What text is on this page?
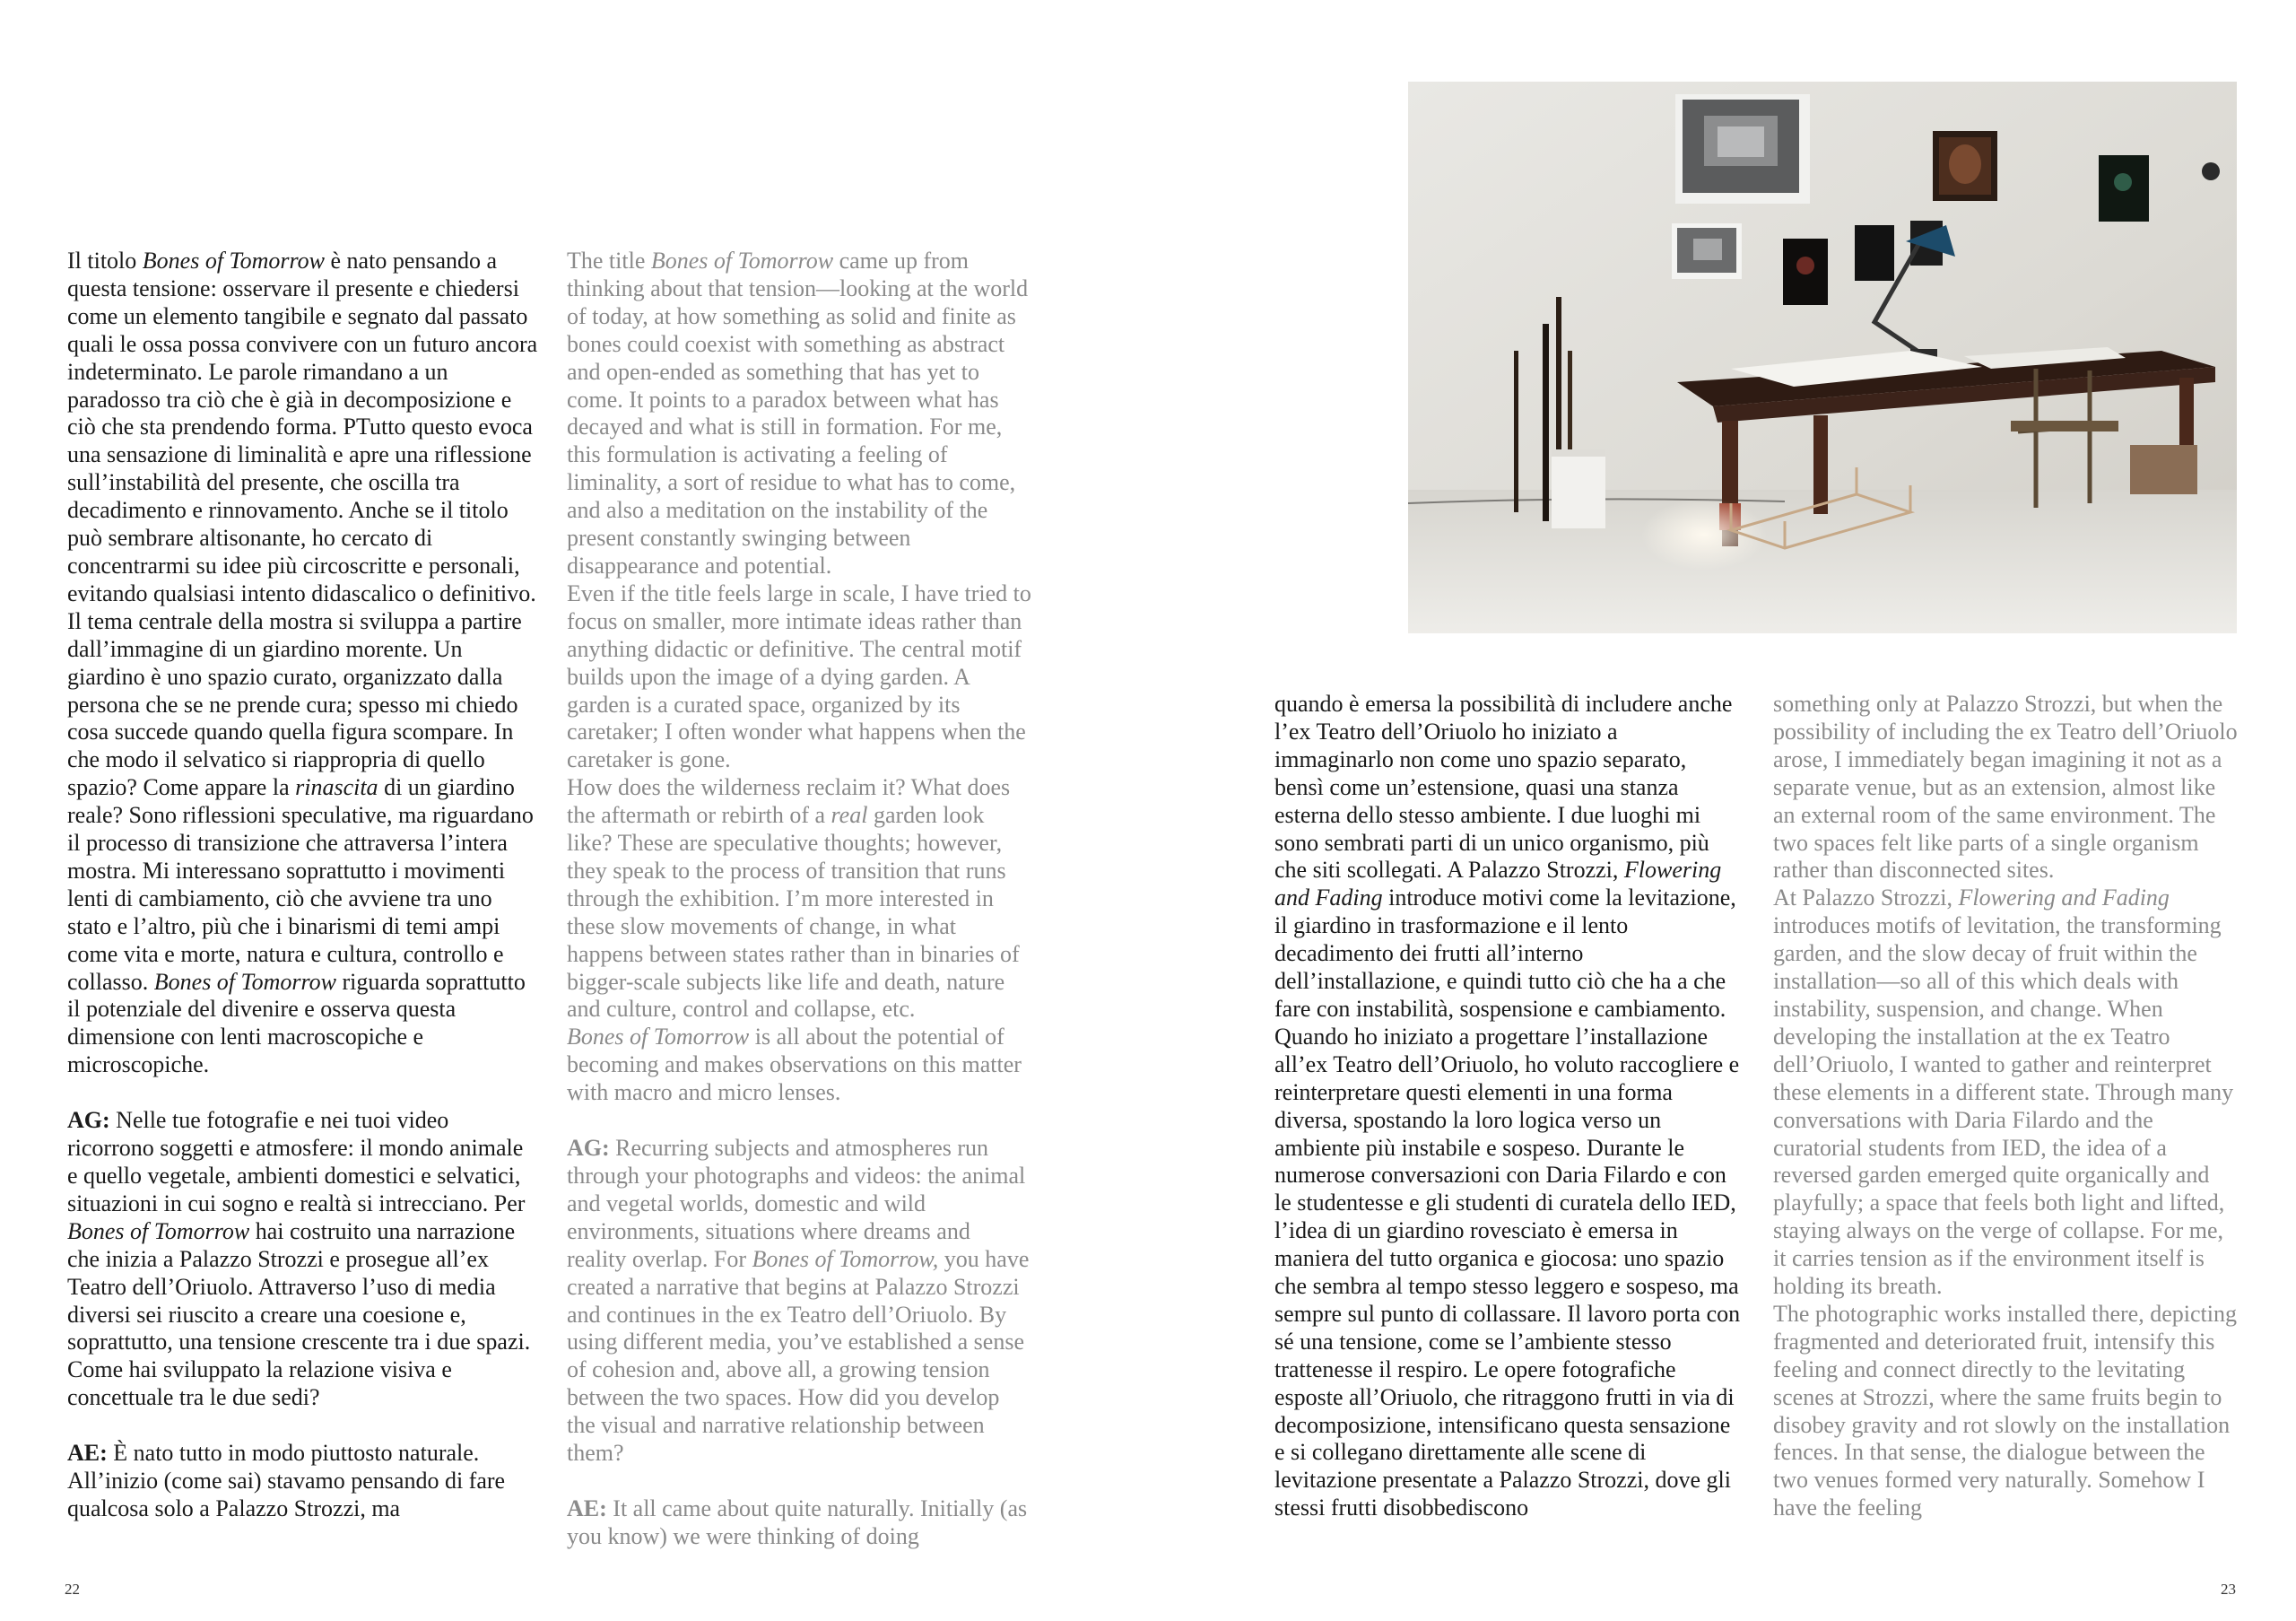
Il titolo Bones of Tomorrow è nato pensando a questa tensione: osservare il presente e chiedersi come un elemento tangibile e segnato dal passato quali le ossa possa convivere con un futuro ancora indeterminato. Le parole rimandano a un paradosso tra ciò che è già in decomposizione e ciò che sta prendendo forma. PTutto questo evoca una sensazione di liminalità e apre una riflessione sull’instabilità del presente, che oscilla tra decadimento e rinnovamento. Anche se il titolo può sembrare altisonante, ho cercato di concentrarmi su idee più circoscritte e personali, evitando qualsiasi intento didascalico o definitivo. Il tema centrale della mostra si sviluppa a partire dall’immagine di un giardino morente. Un giardino è uno spazio curato, organizzato dalla persona che se ne prende cura; spesso mi chiedo cosa succede quando quella figura scompare. In che modo il selvatico si riappropria di quello spazio? Come appare la rinascita di un giardino reale? Sono riflessioni speculative, ma riguardano il processo di transizione che attraversa l’intera mostra. Mi interessano soprattutto i movimenti lenti di cambiamento, ciò che avviene tra uno stato e l’altro, più che i binarismi di temi ampi come vita e morte, natura e cultura, controllo e collasso. Bones of Tomorrow riguarda soprattutto il potenziale del divenire e osserva questa dimensione con lenti macroscopiche e microscopiche.

AG: Nelle tue fotografie e nei tuoi video ricorrono soggetti e atmosfere: il mondo animale e quello vegetale, ambienti domestici e selvatici, situazioni in cui sogno e realtà si intrecciano. Per Bones of Tomorrow hai costruito una narrazione che inizia a Palazzo Strozzi e prosegue all’ex Teatro dell’Oriuolo. Attraverso l’uso di media diversi sei riuscito a creare una coesione e, soprattutto, una tensione crescente tra i due spazi. Come hai sviluppato la relazione visiva e concettuale tra le due sedi?

AE: È nato tutto in modo piuttosto naturale. All’inizio (come sai) stavamo pensando di fare qualcosa solo a Palazzo Strozzi, ma

The title Bones of Tomorrow came up from thinking about that tension—looking at the world of today, at how something as solid and finite as bones could coexist with something as abstract and open-ended as something that has yet to come. It points to a paradox between what has decayed and what is still in formation. For me, this formulation is activating a feeling of liminality, a sort of residue to what has to come, and also a meditation on the instability of the present constantly swinging between disappearance and potential.

Even if the title feels large in scale, I have tried to focus on smaller, more intimate ideas rather than anything didactic or definitive. The central motif builds upon the image of a dying garden. A garden is a curated space, organized by its caretaker; I often wonder what happens when the caretaker is gone.

How does the wilderness reclaim it? What does the aftermath or rebirth of a real garden look like? These are speculative thoughts; however, they speak to the process of transition that runs through the exhibition. I’m more interested in these slow movements of change, in what happens between states rather than in binaries of bigger-scale subjects like life and death, nature and culture, control and collapse, etc.

Bones of Tomorrow is all about the potential of becoming and makes observations on this matter with macro and micro lenses.

AG: Recurring subjects and atmospheres run through your photographs and videos: the animal and vegetal worlds, domestic and wild environments, situations where dreams and reality overlap. For Bones of Tomorrow, you have created a narrative that begins at Palazzo Strozzi and continues in the ex Teatro dell’Oriuolo. By using different media, you’ve established a sense of cohesion and, above all, a growing tension between the two spaces. How did you develop the visual and narrative relationship between them?

AE: It all came about quite naturally. Initially (as you know) we were thinking of doing

22

quando è emersa la possibilità di includere anche l’ex Teatro dell’Oriuolo ho iniziato a immaginarlo non come uno spazio separato, bensì come un’estensione, quasi una stanza esterna dello stesso ambiente. I due luoghi mi sono sembrati parti di un unico organismo, più che siti scollegati. A Palazzo Strozzi, Flowering and Fading introduce motivi come la levitazione, il giardino in trasformazione e il lento decadimento dei frutti all’interno dell’installazione, e quindi tutto ciò che ha a che fare con instabilità, sospensione e cambiamento. Quando ho iniziato a progettare l’installazione all’ex Teatro dell’Oriuolo, ho voluto raccogliere e reinterpretare questi elementi in una forma diversa, spostando la loro logica verso un ambiente più instabile e sospeso. Durante le numerose conversazioni con Daria Filardo e con le studentesse e gli studenti di curatela dello IED, l’idea di un giardino rovesciato è emersa in maniera del tutto organica e giocosa: uno spazio che sembra al tempo stesso leggero e sospeso, ma sempre sul punto di collassare. Il lavoro porta con sé una tensione, come se l’ambiente stesso trattenesse il respiro. Le opere fotografiche esposte all’Oriuolo, che ritraggono frutti in via di decomposizione, intensificano questa sensazione e si collegano direttamente alle scene di levitazione presentate a Palazzo Strozzi, dove gli stessi frutti disobbediscono

something only at Palazzo Strozzi, but when the possibility of including the ex Teatro dell’Oriuolo arose, I immediately began imagining it not as a separate venue, but as an extension, almost like an external room of the same environment. The two spaces felt like parts of a single organism rather than disconnected sites.

At Palazzo Strozzi, Flowering and Fading introduces motifs of levitation, the transforming garden, and the slow decay of fruit within the installation—so all of this which deals with instability, suspension, and change. When developing the installation at the ex Teatro dell’Oriuolo, I wanted to gather and reinterpret these elements in a different state. Through many conversations with Daria Filardo and the curatorial students from IED, the idea of a reversed garden emerged quite organically and playfully; a space that feels both light and lifted, staying always on the verge of collapse. For me, it carries tension as if the environment itself is holding its breath.

The photographic works installed there, depicting fragmented and deteriorated fruit, intensify this feeling and connect directly to the levitating scenes at Strozzi, where the same fruits begin to disobey gravity and rot slowly on the installation fences. In that sense, the dialogue between the two venues formed very naturally. Somehow I have the feeling

23
